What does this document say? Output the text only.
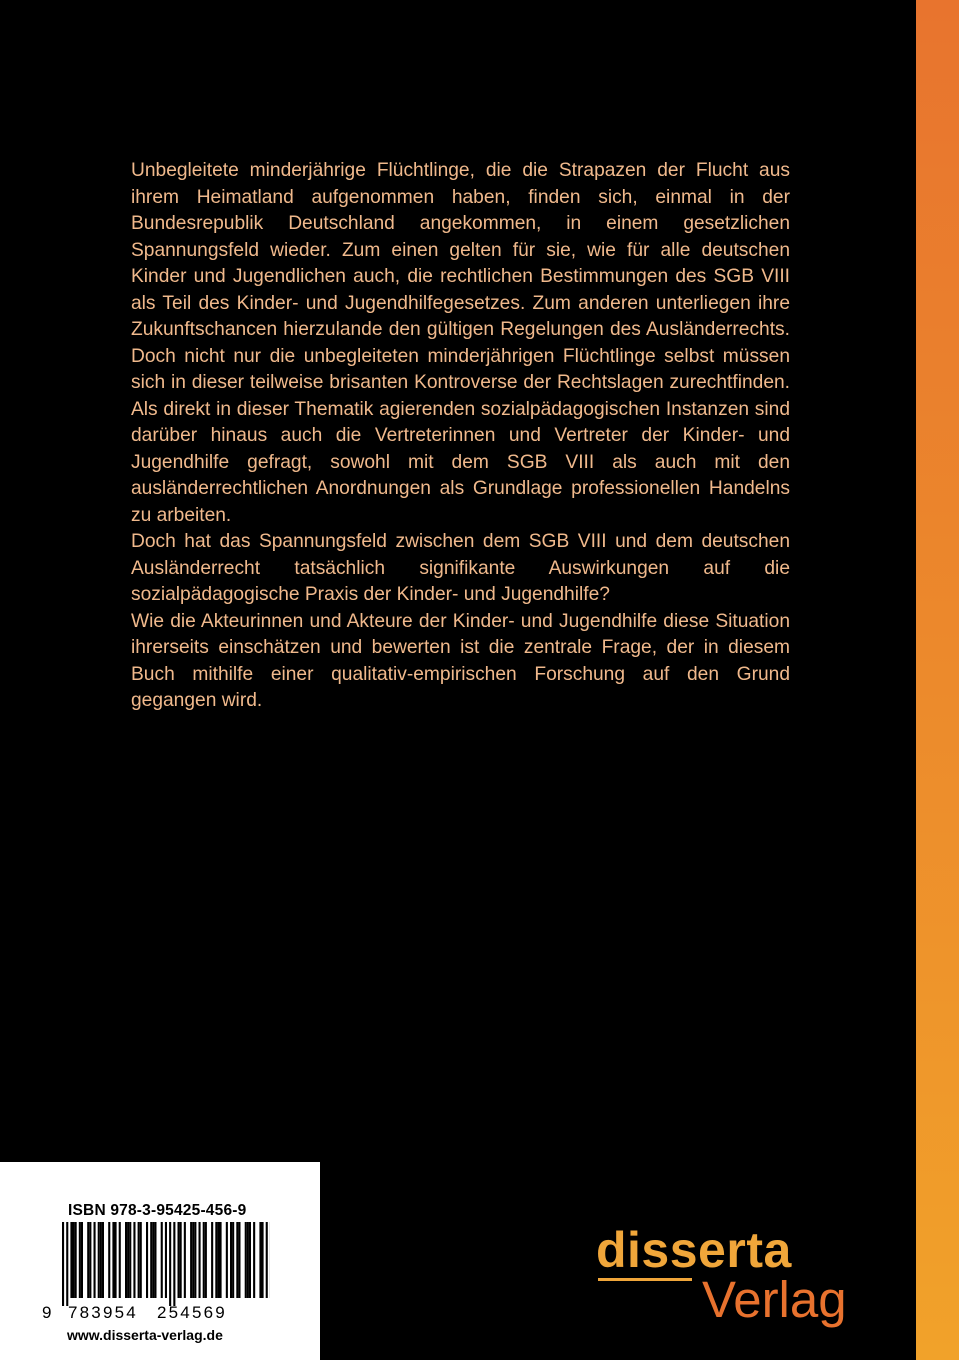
Unbegleitete minderjährige Flüchtlinge, die die Strapazen der Flucht aus ihrem Heimatland aufgenommen haben, finden sich, einmal in der Bundesrepublik Deutschland angekommen, in einem gesetzlichen Spannungsfeld wieder. Zum einen gelten für sie, wie für alle deutschen Kinder und Jugendlichen auch, die rechtlichen Bestimmungen des SGB VIII als Teil des Kinder- und Jugendhilfegesetzes. Zum anderen unterliegen ihre Zukunftschancen hierzulande den gültigen Regelungen des Ausländerrechts. Doch nicht nur die unbegleiteten minderjährigen Flüchtlinge selbst müssen sich in dieser teilweise brisanten Kontroverse der Rechtslagen zurechtfinden. Als direkt in dieser Thematik agierenden sozialpädagogischen Instanzen sind darüber hinaus auch die Vertreterinnen und Vertreter der Kinder- und Jugendhilfe gefragt, sowohl mit dem SGB VIII als auch mit den ausländerrechtlichen Anordnungen als Grundlage professionellen Handelns zu arbeiten.

Doch hat das Spannungsfeld zwischen dem SGB VIII und dem deutschen Ausländerrecht tatsächlich signifikante Auswirkungen auf die sozialpädagogische Praxis der Kinder- und Jugendhilfe?

Wie die Akteurinnen und Akteure der Kinder- und Jugendhilfe diese Situation ihrerseits einschätzen und bewerten ist die zentrale Frage, der in diesem Buch mithilfe einer qualitativ-empirischen Forschung auf den Grund gegangen wird.

ISBN 978-3-95425-456-9
9 783954 254569
www.disserta-verlag.de
disserta
Verlag
